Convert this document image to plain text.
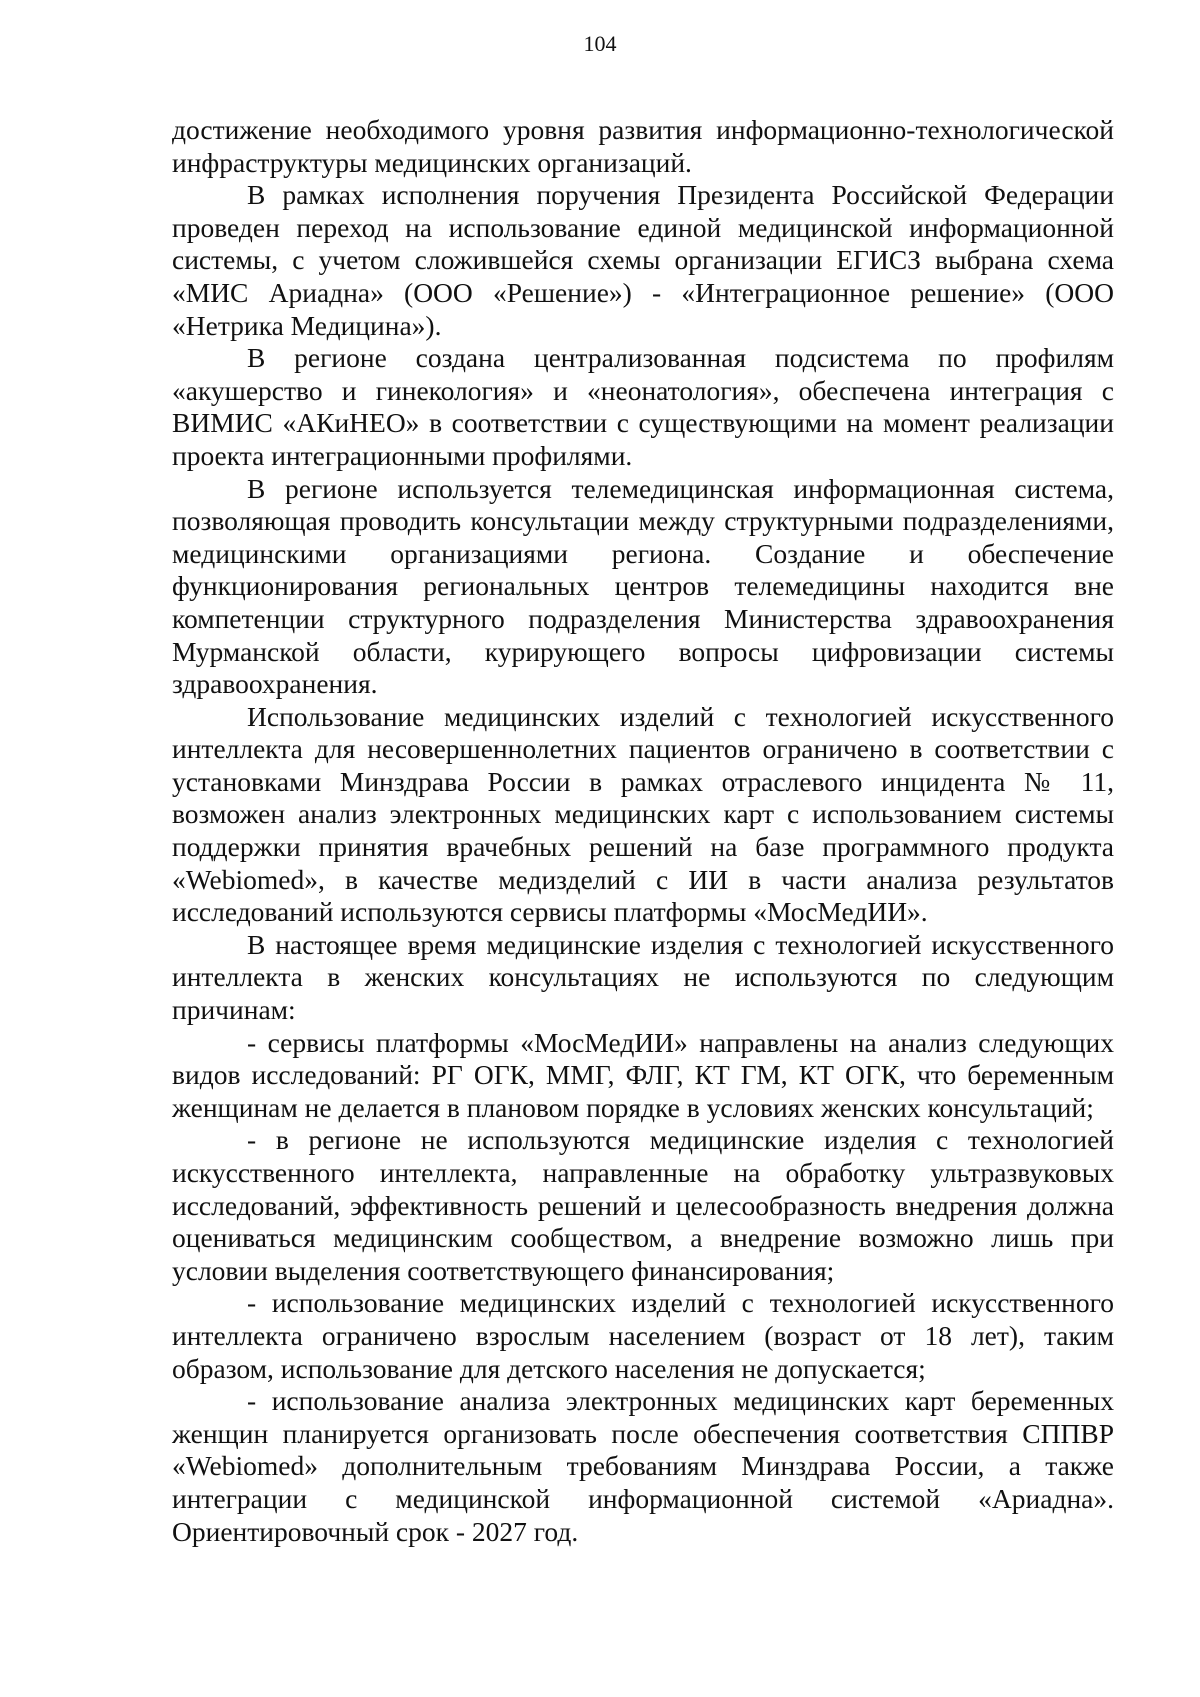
104

достижение необходимого уровня развития информационно-технологической инфраструктуры медицинских организаций.

В рамках исполнения поручения Президента Российской Федерации проведен переход на использование единой медицинской информационной системы, с учетом сложившейся схемы организации ЕГИСЗ выбрана схема «МИС Ариадна» (ООО «Решение») - «Интеграционное решение» (ООО «Нетрика Медицина»).

В регионе создана централизованная подсистема по профилям «акушерство и гинекология» и «неонатология», обеспечена интеграция с ВИМИС «АКиНЕО» в соответствии с существующими на момент реализации проекта интеграционными профилями.

В регионе используется телемедицинская информационная система, позволяющая проводить консультации между структурными подразделениями, медицинскими организациями региона. Создание и обеспечение функционирования региональных центров телемедицины находится вне компетенции структурного подразделения Министерства здравоохранения Мурманской области, курирующего вопросы цифровизации системы здравоохранения.

Использование медицинских изделий с технологией искусственного интеллекта для несовершеннолетних пациентов ограничено в соответствии с установками Минздрава России в рамках отраслевого инцидента № 11, возможен анализ электронных медицинских карт с использованием системы поддержки принятия врачебных решений на базе программного продукта «Webiomed», в качестве медизделий с ИИ в части анализа результатов исследований используются сервисы платформы «МосМедИИ».

В настоящее время медицинские изделия с технологией искусственного интеллекта в женских консультациях не используются по следующим причинам:

- сервисы платформы «МосМедИИ» направлены на анализ следующих видов исследований: РГ ОГК, ММГ, ФЛГ, КТ ГМ, КТ ОГК, что беременным женщинам не делается в плановом порядке в условиях женских консультаций;

- в регионе не используются медицинские изделия с технологией искусственного интеллекта, направленные на обработку ультразвуковых исследований, эффективность решений и целесообразность внедрения должна оцениваться медицинским сообществом, а внедрение возможно лишь при условии выделения соответствующего финансирования;

- использование медицинских изделий с технологией искусственного интеллекта ограничено взрослым населением (возраст от 18 лет), таким образом, использование для детского населения не допускается;

- использование анализа электронных медицинских карт беременных женщин планируется организовать после обеспечения соответствия СППВР «Webiomed» дополнительным требованиям Минздрава России, а также интеграции с медицинской информационной системой «Ариадна». Ориентировочный срок - 2027 год.
